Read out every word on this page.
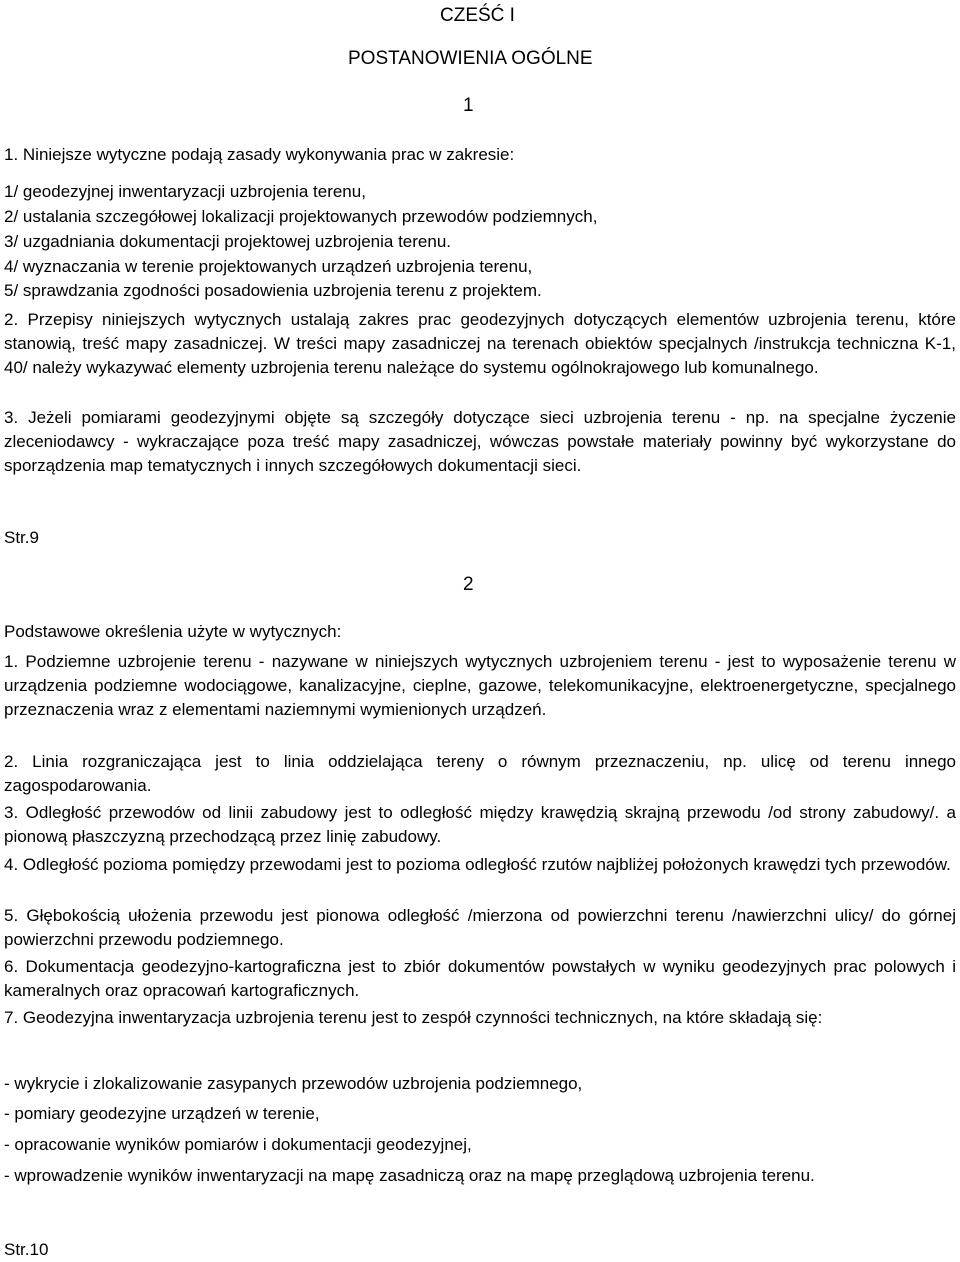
CZEŚĆ I
POSTANOWIENIA OGÓLNE
1
1. Niniejsze wytyczne podają zasady wykonywania prac w zakresie:
1/ geodezyjnej inwentaryzacji uzbrojenia terenu,
2/ ustalania szczegółowej lokalizacji projektowanych przewodów podziemnych,
3/ uzgadniania dokumentacji projektowej uzbrojenia terenu.
4/ wyznaczania w terenie projektowanych urządzeń uzbrojenia terenu,
5/ sprawdzania zgodności posadowienia uzbrojenia terenu z projektem.

2. Przepisy niniejszych wytycznych ustalają zakres prac geodezyjnych dotyczących elementów uzbrojenia terenu, które stanowią, treść mapy zasadniczej. W treści mapy zasadniczej na terenach obiektów specjalnych /instrukcja techniczna K-1, 40/ należy wykazywać elementy uzbrojenia terenu należące do systemu ogólnokrajowego lub komunalnego.

3. Jeżeli pomiarami geodezyjnymi objęte są szczegóły dotyczące sieci uzbrojenia terenu - np. na specjalne życzenie zleceniodawcy - wykraczające poza treść mapy zasadniczej, wówczas powstałe materiały powinny być wykorzystane do sporządzenia map tematycznych i innych szczegółowych dokumentacji sieci.

Str.9
2
Podstawowe określenia użyte w wytycznych:

1. Podziemne uzbrojenie terenu - nazywane w niniejszych wytycznych uzbrojeniem terenu - jest to wyposażenie terenu w urządzenia podziemne wodociągowe, kanalizacyjne, cieplne, gazowe, telekomunikacyjne, elektroenergetyczne, specjalnego przeznaczenia wraz z elementami naziemnymi wymienionych urządzeń.

2. Linia rozgraniczająca jest to linia oddzielająca tereny o równym przeznaczeniu, np. ulicę od terenu innego zagospodarowania.

3. Odległość przewodów od linii zabudowy jest to odległość między krawędzią skrajną przewodu /od strony zabudowy/. a pionową płaszczyzną przechodzącą przez linię zabudowy.

4. Odległość pozioma pomiędzy przewodami jest to pozioma odległość rzutów najbliżej położonych krawędzi tych przewodów.

5. Głębokością ułożenia przewodu jest pionowa odległość /mierzona od powierzchni terenu /nawierzchni ulicy/ do górnej powierzchni przewodu podziemnego.

6. Dokumentacja geodezyjno-kartograficzna jest to zbiór dokumentów powstałych w wyniku geodezyjnych prac polowych i kameralnych oraz opracowań kartograficznych.

7. Geodezyjna inwentaryzacja uzbrojenia terenu jest to zespół czynności technicznych, na które składają się:

- wykrycie i zlokalizowanie zasypanych przewodów uzbrojenia podziemnego,
- pomiary geodezyjne urządzeń w terenie,
- opracowanie wyników pomiarów i dokumentacji geodezyjnej,

- wprowadzenie wyników inwentaryzacji na mapę zasadniczą oraz na mapę przeglądową uzbrojenia terenu.

Str.10
